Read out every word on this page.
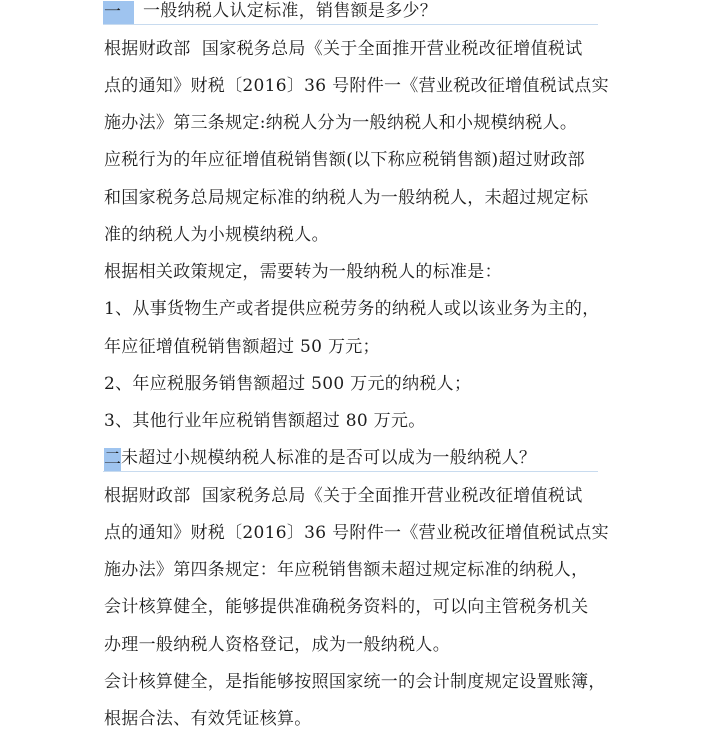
一 一般纳税人认定标准，销售额是多少？
根据财政部  国家税务总局《关于全面推开营业税改征增值税试
点的通知》财税〔2016〕36 号附件一《营业税改征增值税试点实
施办法》第三条规定:纳税人分为一般纳税人和小规模纳税人。
应税行为的年应征增值税销售额(以下称应税销售额)超过财政部
和国家税务总局规定标准的纳税人为一般纳税人，未超过规定标
准的纳税人为小规模纳税人。
根据相关政策规定，需要转为一般纳税人的标准是：
1、从事货物生产或者提供应税劳务的纳税人或以该业务为主的，
年应征增值税销售额超过 50 万元；
2、年应税服务销售额超过 500 万元的纳税人；
3、其他行业年应税销售额超过 80 万元。
二未超过小规模纳税人标准的是否可以成为一般纳税人？
根据财政部  国家税务总局《关于全面推开营业税改征增值税试
点的通知》财税〔2016〕36 号附件一《营业税改征增值税试点实
施办法》第四条规定：年应税销售额未超过规定标准的纳税人，
会计核算健全，能够提供准确税务资料的，可以向主管税务机关
办理一般纳税人资格登记，成为一般纳税人。
会计核算健全，是指能够按照国家统一的会计制度规定设置账簿，
根据合法、有效凭证核算。
